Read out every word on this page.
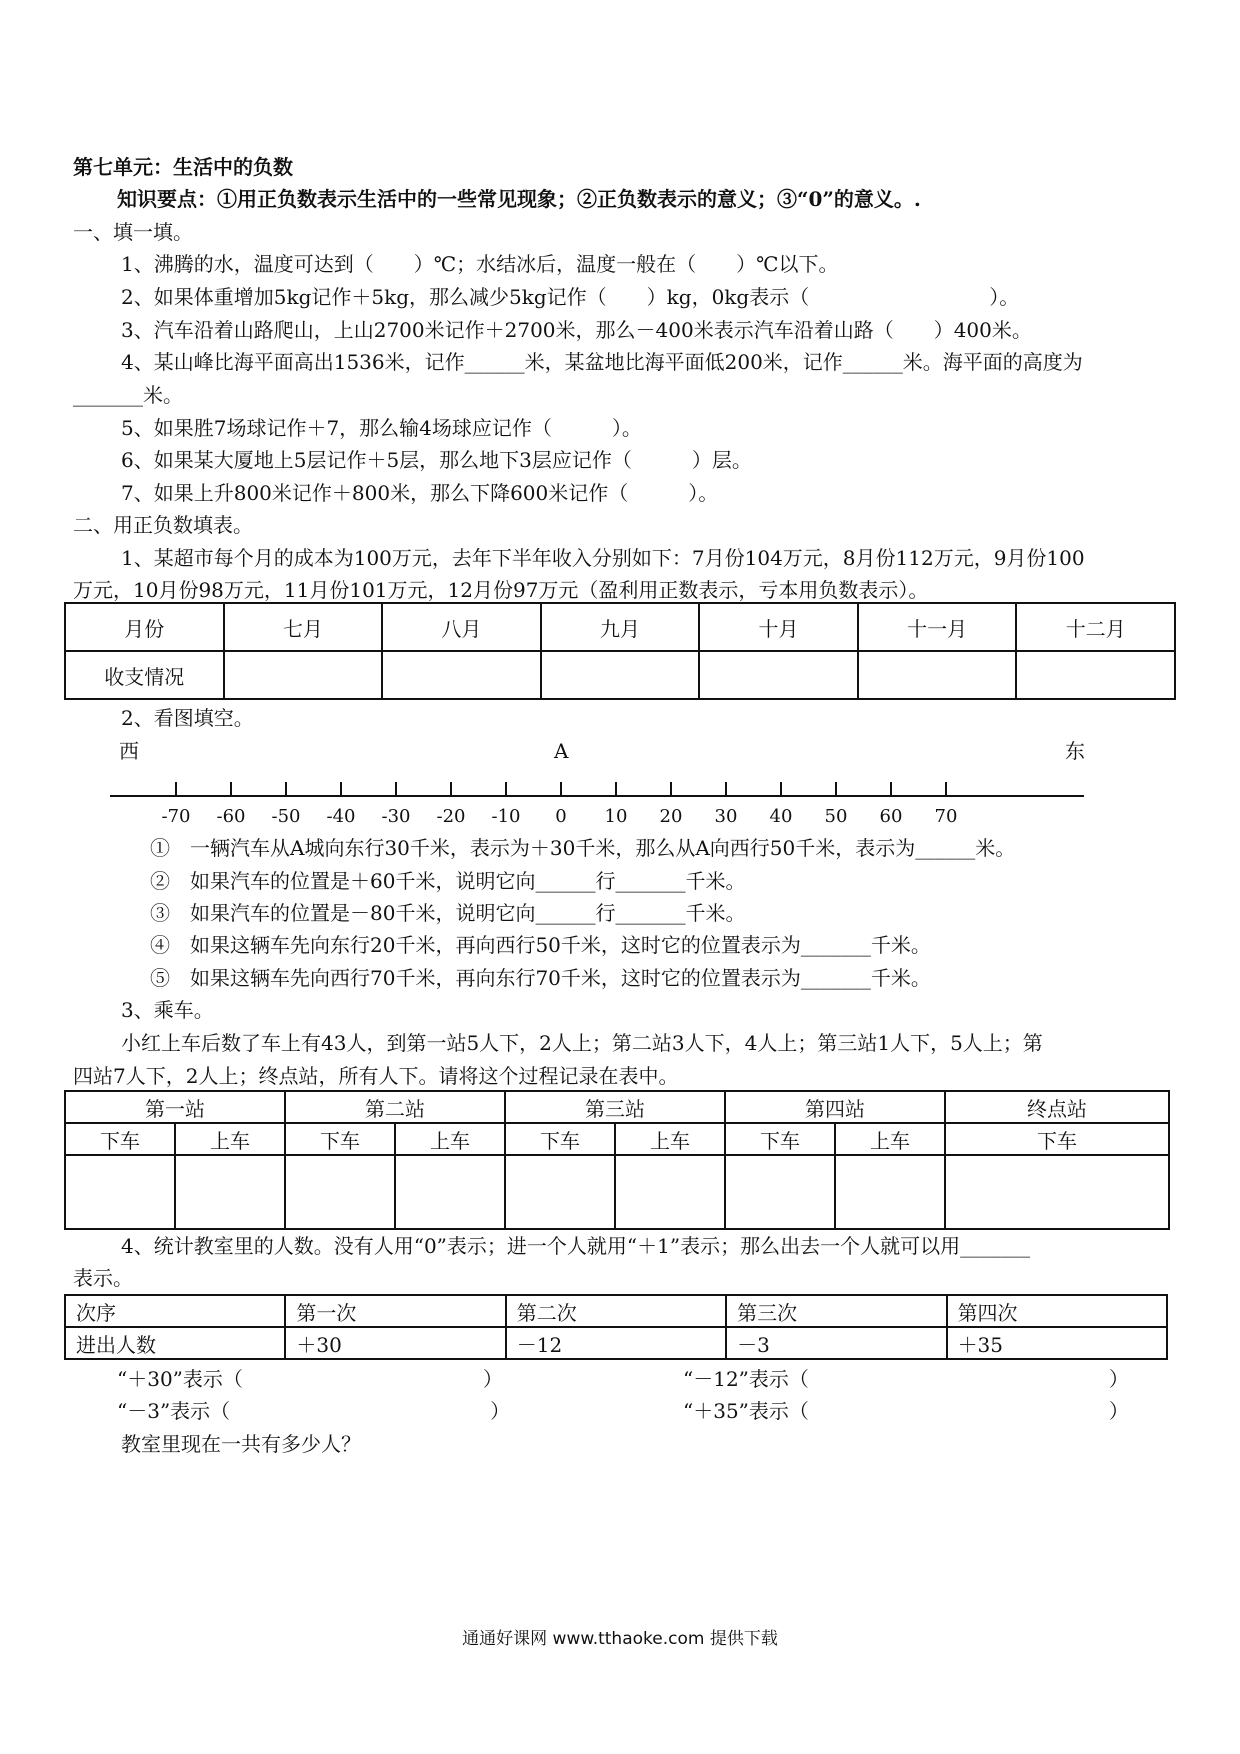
第七单元：生活中的负数
知识要点：①用正负数表示生活中的一些常见现象；②正负数表示的意义；③“0”的意义。.
一、填一填。
1、沸腾的水，温度可达到（　　）℃；水结冰后，温度一般在（　　）℃以下。
2、如果体重增加5kg记作＋5kg，那么减少5kg记作（　　）kg，0kg表示（　　　　　　　　　）。
3、汽车沿着山路爬山，上山2700米记作＋2700米，那么－400米表示汽车沿着山路（　　）400米。
4、某山峰比海平面高出1536米，记作______米，某盆地比海平面低200米，记作______米。海平面的高度为
_______米。
5、如果胜7场球记作＋7，那么输4场球应记作（　　　）。
6、如果某大厦地上5层记作＋5层，那么地下3层应记作（　　　）层。
7、如果上升800米记作＋800米，那么下降600米记作（　　　）。
二、用正负数填表。
1、某超市每个月的成本为100万元，去年下半年收入分别如下：7月份104万元，8月份112万元，9月份100
万元，10月份98万元，11月份101万元，12月份97万元（盈利用正数表示，亏本用负数表示）。
月份	七月	八月	九月	十月	十一月	十二月
收支情况						
2、看图填空。
西	A	东
-70 -60 -50 -40 -30 -20 -10 0 10 20 30 40 50 60 70
①　一辆汽车从A城向东行30千米，表示为＋30千米，那么从A向西行50千米，表示为______米。
②　如果汽车的位置是＋60千米，说明它向______行_______千米。
③　如果汽车的位置是－80千米，说明它向______行_______千米。
④　如果这辆车先向东行20千米，再向西行50千米，这时它的位置表示为_______千米。
⑤　如果这辆车先向西行70千米，再向东行70千米，这时它的位置表示为_______千米。
3、乘车。
小红上车后数了车上有43人，到第一站5人下，2人上；第二站3人下，4人上；第三站1人下，5人上；第
四站7人下，2人上；终点站，所有人下。请将这个过程记录在表中。
第一站		第二站		第三站		第四站		终点站
下车	上车	下车	上车	下车	上车	下车	上车	下车

4、统计教室里的人数。没有人用“0”表示；进一个人就用“＋1”表示；那么出去一个人就可以用_______
表示。
次序	第一次	第二次	第三次	第四次
进出人数	＋30	－12	－3	＋35
“＋30”表示（　　　　　　　　　　　　）	“－12”表示（　　　　　　　　　　　　　　　）
“－3”表示（　　　　　　　　　　　　　）	“＋35”表示（　　　　　　　　　　　　　　　）
教室里现在一共有多少人？
通通好课网 www.tthaoke.com 提供下载
